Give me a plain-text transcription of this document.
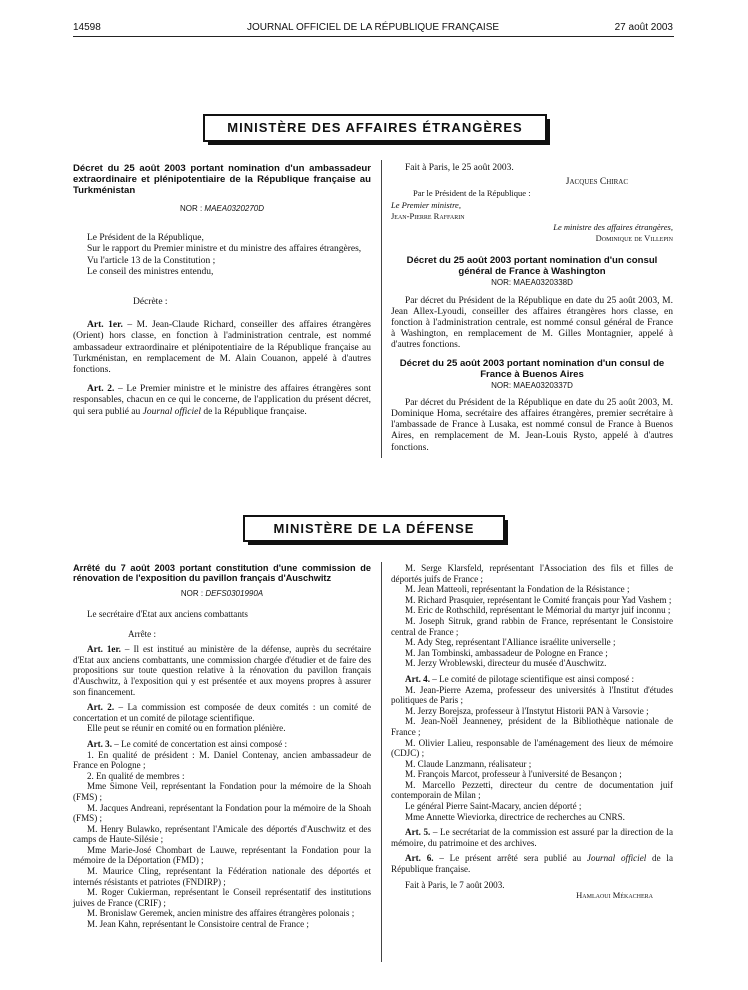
14598	JOURNAL OFFICIEL DE LA RÉPUBLIQUE FRANÇAISE	27 août 2003
MINISTÈRE DES AFFAIRES ÉTRANGÈRES

Décret du 25 août 2003 portant nomination d'un ambassadeur extraordinaire et plénipotentiaire de la République française au Turkménistan

NOR : MAEA0320270D

Le Président de la République,

Sur le rapport du Premier ministre et du ministre des affaires étrangères,

Vu l'article 13 de la Constitution ;

Le conseil des ministres entendu,

Décrète :

Art. 1er. – M. Jean-Claude Richard, conseiller des affaires étrangères (Orient) hors classe, en fonction à l'administration centrale, est nommé ambassadeur extraordinaire et plénipotentiaire de la République française au Turkménistan, en remplacement de M. Alain Couanon, appelé à d'autres fonctions.

Art. 2. – Le Premier ministre et le ministre des affaires étrangères sont responsables, chacun en ce qui le concerne, de l'application du présent décret, qui sera publié au Journal officiel de la République française.

Fait à Paris, le 25 août 2003.

Jacques Chirac

Par le Président de la République :

Le Premier ministre,

Jean-Pierre Raffarin

Le ministre des affaires étrangères,

Dominique de Villepin

Décret du 25 août 2003 portant nomination d'un consul général de France à Washington

NOR: MAEA0320338D

Par décret du Président de la République en date du 25 août 2003, M. Jean Allex-Lyoudi, conseiller des affaires étrangères hors classe, en fonction à l'administration centrale, est nommé consul général de France à Washington, en remplacement de M. Gilles Montagnier, appelé à d'autres fonctions.

Décret du 25 août 2003 portant nomination d'un consul de France à Buenos Aires

NOR: MAEA0320337D

Par décret du Président de la République en date du 25 août 2003, M. Dominique Homa, secrétaire des affaires étrangères, premier secrétaire à l'ambassade de France à Lusaka, est nommé consul de France à Buenos Aires, en remplacement de M. Jean-Louis Rysto, appelé à d'autres fonctions.

MINISTÈRE DE LA DÉFENSE

Arrêté du 7 août 2003 portant constitution d'une commission de rénovation de l'exposition du pavillon français d'Auschwitz

NOR : DEFS0301990A

Le secrétaire d'Etat aux anciens combattants

Arrête :

Art. 1er. – Il est institué au ministère de la défense, auprès du secrétaire d'Etat aux anciens combattants, une commission chargée d'étudier et de faire des propositions sur toute question relative à la rénovation du pavillon français d'Auschwitz, à l'exposition qui y est présentée et aux moyens propres à assurer son financement.

Art. 2. – La commission est composée de deux comités : un comité de concertation et un comité de pilotage scientifique.

Elle peut se réunir en comité ou en formation plénière.

Art. 3. – Le comité de concertation est ainsi composé :

1. En qualité de président : M. Daniel Contenay, ancien ambassadeur de France en Pologne ;

2. En qualité de membres :

Mme Simone Veil, représentant la Fondation pour la mémoire de la Shoah (FMS) ;

M. Jacques Andreani, représentant la Fondation pour la mémoire de la Shoah (FMS) ;

M. Henry Bulawko, représentant l'Amicale des déportés d'Auschwitz et des camps de Haute-Silésie ;

Mme Marie-José Chombart de Lauwe, représentant la Fondation pour la mémoire de la Déportation (FMD) ;

M. Maurice Cling, représentant la Fédération nationale des déportés et internés résistants et patriotes (FNDIRP) ;

M. Roger Cukierman, représentant le Conseil représentatif des institutions juives de France (CRIF) ;

M. Bronislaw Geremek, ancien ministre des affaires étrangères polonais ;

M. Jean Kahn, représentant le Consistoire central de France ;

M. Serge Klarsfeld, représentant l'Association des fils et filles de déportés juifs de France ;

M. Jean Matteoli, représentant la Fondation de la Résistance ;

M. Richard Prasquier, représentant le Comité français pour Yad Vashem ;

M. Eric de Rothschild, représentant le Mémorial du martyr juif inconnu ;

M. Joseph Sitruk, grand rabbin de France, représentant le Consistoire central de France ;

M. Ady Steg, représentant l'Alliance israélite universelle ;

M. Jan Tombinski, ambassadeur de Pologne en France ;

M. Jerzy Wroblewski, directeur du musée d'Auschwitz.

Art. 4. – Le comité de pilotage scientifique est ainsi composé :

M. Jean-Pierre Azema, professeur des universités à l'Institut d'études politiques de Paris ;

M. Jerzy Borejsza, professeur à l'Instytut Historii PAN à Varsovie ;

M. Jean-Noël Jeanneney, président de la Bibliothèque nationale de France ;

M. Olivier Lalieu, responsable de l'aménagement des lieux de mémoire (CDJC) ;

M. Claude Lanzmann, réalisateur ;

M. François Marcot, professeur à l'université de Besançon ;

M. Marcello Pezzetti, directeur du centre de documentation juif contemporain de Milan ;

Le général Pierre Saint-Macary, ancien déporté ;

Mme Annette Wieviorka, directrice de recherches au CNRS.

Art. 5. – Le secrétariat de la commission est assuré par la direction de la mémoire, du patrimoine et des archives.

Art. 6. – Le présent arrêté sera publié au Journal officiel de la République française.

Fait à Paris, le 7 août 2003.

Hamlaoui Mékachera
